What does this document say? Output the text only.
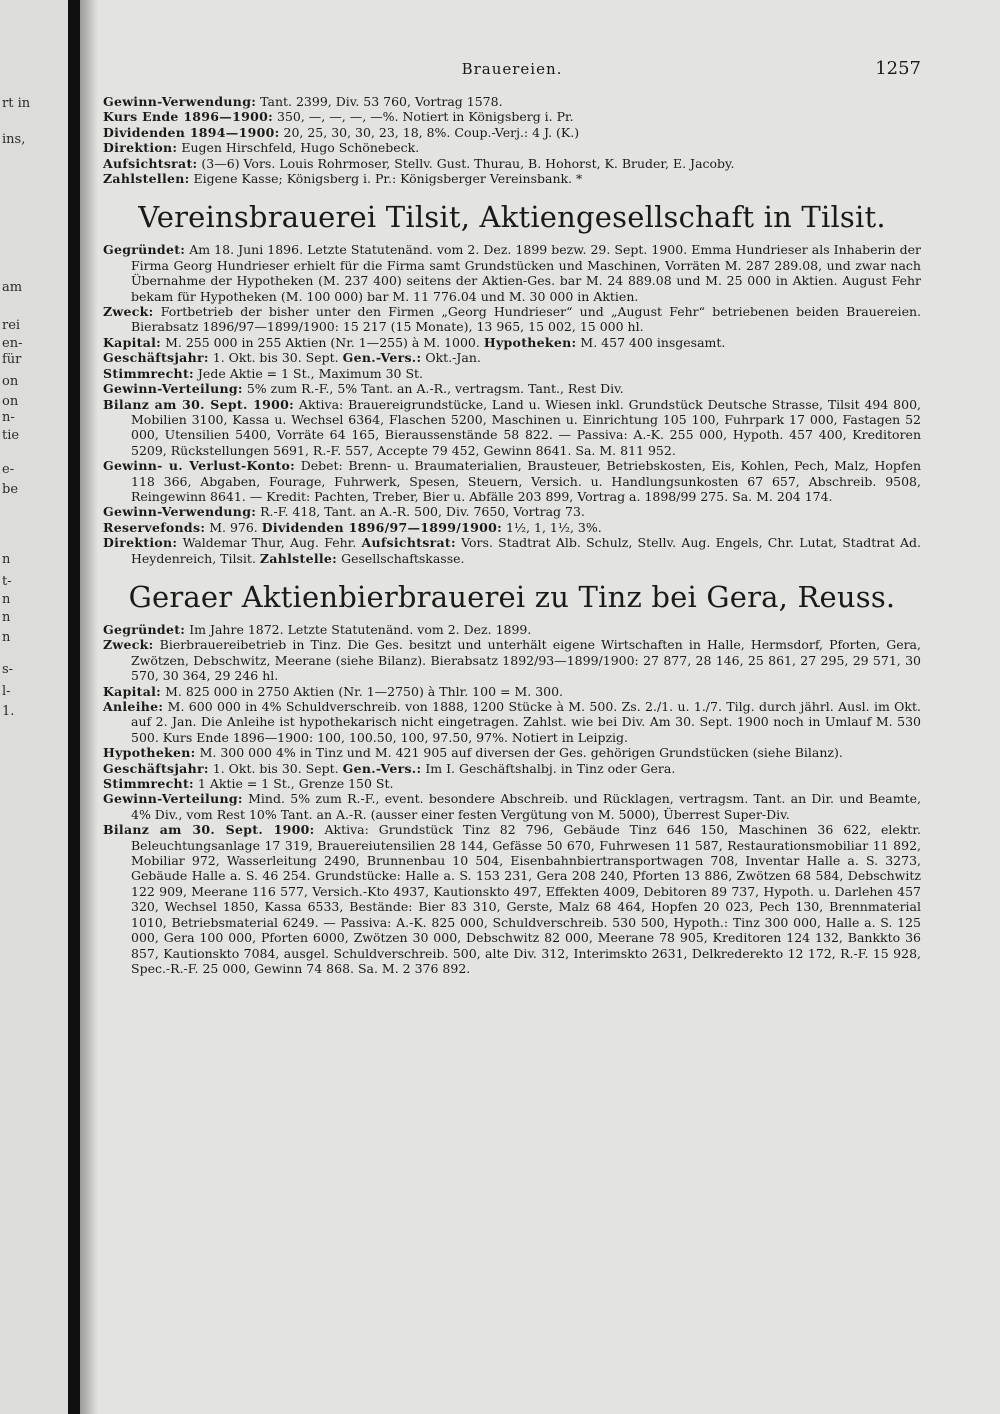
Brauereien.	1257

Gewinn-Verwendung: Tant. 2399, Div. 53 760, Vortrag 1578.

Kurs Ende 1896—1900: 350, —, —, —, —%. Notiert in Königsberg i. Pr.

Dividenden 1894—1900: 20, 25, 30, 30, 23, 18, 8%. Coup.-Verj.: 4 J. (K.)

Direktion: Eugen Hirschfeld, Hugo Schönebeck.

Aufsichtsrat: (3—6) Vors. Louis Rohrmoser, Stellv. Gust. Thurau, B. Hohorst, K. Bruder, E. Jacoby.

Zahlstellen: Eigene Kasse; Königsberg i. Pr.: Königsberger Vereinsbank. *

Vereinsbrauerei Tilsit, Aktiengesellschaft in Tilsit.

Gegründet: Am 18. Juni 1896. Letzte Statutenänd. vom 2. Dez. 1899 bezw. 29. Sept. 1900. Emma Hundrieser als Inhaberin der Firma Georg Hundrieser erhielt für die Firma samt Grundstücken und Maschinen, Vorräten M. 287 289.08, und zwar nach Übernahme der Hypotheken (M. 237 400) seitens der Aktien-Ges. bar M. 24 889.08 und M. 25 000 in Aktien. August Fehr bekam für Hypotheken (M. 100 000) bar M. 11 776.04 und M. 30 000 in Aktien.

Zweck: Fortbetrieb der bisher unter den Firmen „Georg Hundrieser“ und „August Fehr“ betriebenen beiden Brauereien. Bierabsatz 1896/97—1899/1900: 15 217 (15 Monate), 13 965, 15 002, 15 000 hl.

Kapital: M. 255 000 in 255 Aktien (Nr. 1—255) à M. 1000. Hypotheken: M. 457 400 insgesamt.

Geschäftsjahr: 1. Okt. bis 30. Sept. Gen.-Vers.: Okt.-Jan.

Stimmrecht: Jede Aktie = 1 St., Maximum 30 St.

Gewinn-Verteilung: 5% zum R.-F., 5% Tant. an A.-R., vertragsm. Tant., Rest Div.

Bilanz am 30. Sept. 1900: Aktiva: Brauereigrundstücke, Land u. Wiesen inkl. Grundstück Deutsche Strasse, Tilsit 494 800, Mobilien 3100, Kassa u. Wechsel 6364, Flaschen 5200, Maschinen u. Einrichtung 105 100, Fuhrpark 17 000, Fastagen 52 000, Utensilien 5400, Vorräte 64 165, Bieraussenstände 58 822. — Passiva: A.-K. 255 000, Hypoth. 457 400, Kreditoren 5209, Rückstellungen 5691, R.-F. 557, Accepte 79 452, Gewinn 8641. Sa. M. 811 952.

Gewinn- u. Verlust-Konto: Debet: Brenn- u. Braumaterialien, Brausteuer, Betriebskosten, Eis, Kohlen, Pech, Malz, Hopfen 118 366, Abgaben, Fourage, Fuhrwerk, Spesen, Steuern, Versich. u. Handlungsunkosten 67 657, Abschreib. 9508, Reingewinn 8641. — Kredit: Pachten, Treber, Bier u. Abfälle 203 899, Vortrag a. 1898/99 275. Sa. M. 204 174.

Gewinn-Verwendung: R.-F. 418, Tant. an A.-R. 500, Div. 7650, Vortrag 73.

Reservefonds: M. 976. Dividenden 1896/97—1899/1900: 1½, 1, 1½, 3%.

Direktion: Waldemar Thur, Aug. Fehr. Aufsichtsrat: Vors. Stadtrat Alb. Schulz, Stellv. Aug. Engels, Chr. Lutat, Stadtrat Ad. Heydenreich, Tilsit. Zahlstelle: Gesellschaftskasse.

Geraer Aktienbierbrauerei zu Tinz bei Gera, Reuss.

Gegründet: Im Jahre 1872. Letzte Statutenänd. vom 2. Dez. 1899.

Zweck: Bierbrauereibetrieb in Tinz. Die Ges. besitzt und unterhält eigene Wirtschaften in Halle, Hermsdorf, Pforten, Gera, Zwötzen, Debschwitz, Meerane (siehe Bilanz). Bierabsatz 1892/93—1899/1900: 27 877, 28 146, 25 861, 27 295, 29 571, 30 570, 30 364, 29 246 hl.

Kapital: M. 825 000 in 2750 Aktien (Nr. 1—2750) à Thlr. 100 = M. 300.

Anleihe: M. 600 000 in 4% Schuldverschreib. von 1888, 1200 Stücke à M. 500. Zs. 2./1. u. 1./7. Tilg. durch jährl. Ausl. im Okt. auf 2. Jan. Die Anleihe ist hypothekarisch nicht eingetragen. Zahlst. wie bei Div. Am 30. Sept. 1900 noch in Umlauf M. 530 500. Kurs Ende 1896—1900: 100, 100.50, 100, 97.50, 97%. Notiert in Leipzig.

Hypotheken: M. 300 000 4% in Tinz und M. 421 905 auf diversen der Ges. gehörigen Grundstücken (siehe Bilanz).

Geschäftsjahr: 1. Okt. bis 30. Sept. Gen.-Vers.: Im I. Geschäftshalbj. in Tinz oder Gera.

Stimmrecht: 1 Aktie = 1 St., Grenze 150 St.

Gewinn-Verteilung: Mind. 5% zum R.-F., event. besondere Abschreib. und Rücklagen, vertragsm. Tant. an Dir. und Beamte, 4% Div., vom Rest 10% Tant. an A.-R. (ausser einer festen Vergütung von M. 5000), Überrest Super-Div.

Bilanz am 30. Sept. 1900: Aktiva: Grundstück Tinz 82 796, Gebäude Tinz 646 150, Maschinen 36 622, elektr. Beleuchtungsanlage 17 319, Brauereiutensilien 28 144, Gefässe 50 670, Fuhrwesen 11 587, Restaurationsmobiliar 11 892, Mobiliar 972, Wasserleitung 2490, Brunnenbau 10 504, Eisenbahnbiertransportwagen 708, Inventar Halle a. S. 3273, Gebäude Halle a. S. 46 254. Grundstücke: Halle a. S. 153 231, Gera 208 240, Pforten 13 886, Zwötzen 68 584, Debschwitz 122 909, Meerane 116 577, Versich.-Kto 4937, Kautionskto 497, Effekten 4009, Debitoren 89 737, Hypoth. u. Darlehen 457 320, Wechsel 1850, Kassa 6533, Bestände: Bier 83 310, Gerste, Malz 68 464, Hopfen 20 023, Pech 130, Brennmaterial 1010, Betriebsmaterial 6249. — Passiva: A.-K. 825 000, Schuldverschreib. 530 500, Hypoth.: Tinz 300 000, Halle a. S. 125 000, Gera 100 000, Pforten 6000, Zwötzen 30 000, Debschwitz 82 000, Meerane 78 905, Kreditoren 124 132, Bankkto 36 857, Kautionskto 7084, ausgel. Schuldverschreib. 500, alte Div. 312, Interimskto 2631, Delkrederekto 12 172, R.-F. 15 928, Spec.-R.-F. 25 000, Gewinn 74 868. Sa. M. 2 376 892.

rt in
ins,
am
rei
en-
für
on
on
n-
tie
e-
be
n
t-
n
n
n
s-
l-
1.
